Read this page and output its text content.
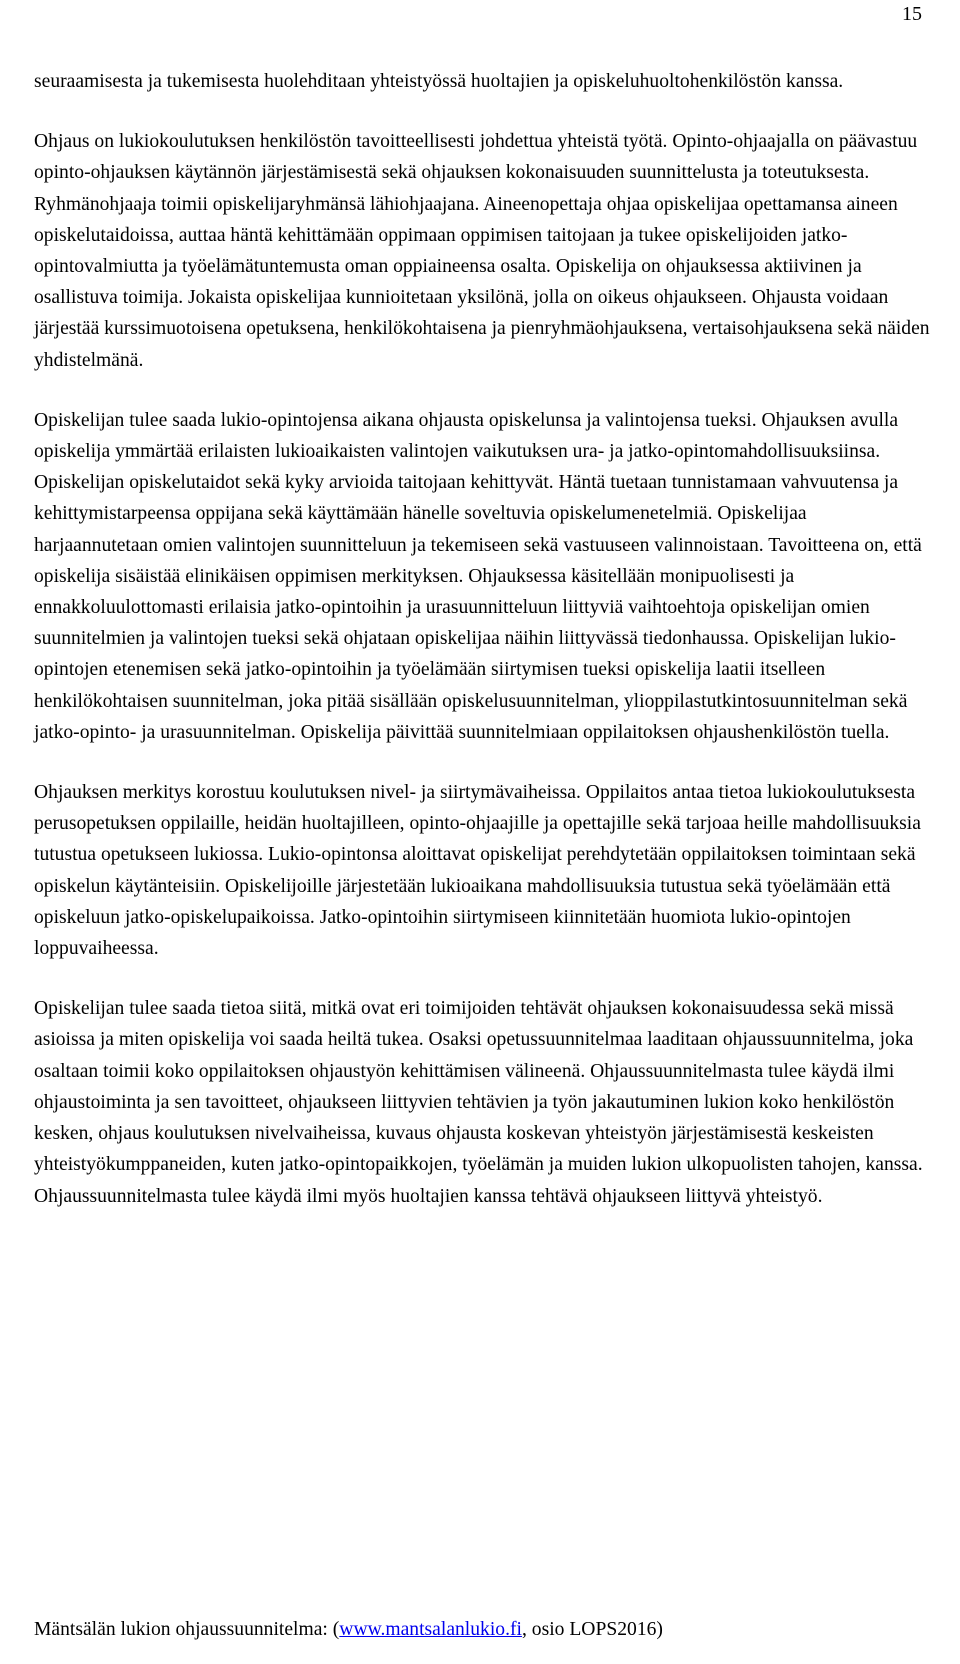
15

seuraamisesta ja tukemisesta huolehditaan yhteistyössä huoltajien ja opiskeluhuoltohenkilöstön kanssa.

Ohjaus on lukiokoulutuksen henkilöstön tavoitteellisesti johdettua yhteistä työtä. Opinto-ohjaajalla on päävastuu opinto-ohjauksen käytännön järjestämisestä sekä ohjauksen kokonaisuuden suunnittelusta ja toteutuksesta. Ryhmänohjaaja toimii opiskelijaryhmänsä lähiohjaajana. Aineenopettaja ohjaa opiskelijaa opettamansa aineen opiskelutaidoissa, auttaa häntä kehittämään oppimaan oppimisen taitojaan ja tukee opiskelijoiden jatko-opintovalmiutta ja työelämätuntemusta oman oppiaineensa osalta. Opiskelija on ohjauksessa aktiivinen ja osallistuva toimija. Jokaista opiskelijaa kunnioitetaan yksilönä, jolla on oikeus ohjaukseen. Ohjausta voidaan järjestää kurssimuotoisena opetuksena, henkilökohtaisena ja pienryhmäohjauksena, vertaisohjauksena sekä näiden yhdistelmänä.

Opiskelijan tulee saada lukio-opintojensa aikana ohjausta opiskelunsa ja valintojensa tueksi. Ohjauksen avulla opiskelija ymmärtää erilaisten lukioaikaisten valintojen vaikutuksen ura- ja jatko-opintomahdollisuuksiinsa. Opiskelijan opiskelutaidot sekä kyky arvioida taitojaan kehittyvät. Häntä tuetaan tunnistamaan vahvuutensa ja kehittymistarpeensa oppijana sekä käyttämään hänelle soveltuvia opiskelumenetelmiä. Opiskelijaa harjaannutetaan omien valintojen suunnitteluun ja tekemiseen sekä vastuuseen valinnoistaan. Tavoitteena on, että opiskelija sisäistää elinikäisen oppimisen merkityksen. Ohjauksessa käsitellään monipuolisesti ja ennakkoluulottomasti erilaisia jatko-opintoihin ja urasuunnitteluun liittyviä vaihtoehtoja opiskelijan omien suunnitelmien ja valintojen tueksi sekä ohjataan opiskelijaa näihin liittyvässä tiedonhaussa. Opiskelijan lukio-opintojen etenemisen sekä jatko-opintoihin ja työelämään siirtymisen tueksi opiskelija laatii itselleen henkilökohtaisen suunnitelman, joka pitää sisällään opiskelusuunnitelman, ylioppilastutkintosuunnitelman sekä jatko-opinto- ja urasuunnitelman. Opiskelija päivittää suunnitelmiaan oppilaitoksen ohjaushenkilöstön tuella.

Ohjauksen merkitys korostuu koulutuksen nivel- ja siirtymävaiheissa. Oppilaitos antaa tietoa lukiokoulutuksesta perusopetuksen oppilaille, heidän huoltajilleen, opinto-ohjaajille ja opettajille sekä tarjoaa heille mahdollisuuksia tutustua opetukseen lukiossa. Lukio-opintonsa aloittavat opiskelijat perehdytetään oppilaitoksen toimintaan sekä opiskelun käytänteisiin. Opiskelijoille järjestetään lukioaikana mahdollisuuksia tutustua sekä työelämään että opiskeluun jatko-opiskelupaikoissa. Jatko-opintoihin siirtymiseen kiinnitetään huomiota lukio-opintojen loppuvaiheessa.

Opiskelijan tulee saada tietoa siitä, mitkä ovat eri toimijoiden tehtävät ohjauksen kokonaisuudessa sekä missä asioissa ja miten opiskelija voi saada heiltä tukea. Osaksi opetussuunnitelmaa laaditaan ohjaussuunnitelma, joka osaltaan toimii koko oppilaitoksen ohjaustyön kehittämisen välineenä. Ohjaussuunnitelmasta tulee käydä ilmi ohjaustoiminta ja sen tavoitteet, ohjaukseen liittyvien tehtävien ja työn jakautuminen lukion koko henkilöstön kesken, ohjaus koulutuksen nivelvaiheissa, kuvaus ohjausta koskevan yhteistyön järjestämisestä keskeisten yhteistyökumppaneiden, kuten jatko-opintopaikkojen, työelämän ja muiden lukion ulkopuolisten tahojen, kanssa. Ohjaussuunnitelmasta tulee käydä ilmi myös huoltajien kanssa tehtävä ohjaukseen liittyvä yhteistyö.

Mäntsälän lukion ohjaussuunnitelma: (www.mantsalanlukio.fi, osio LOPS2016)
